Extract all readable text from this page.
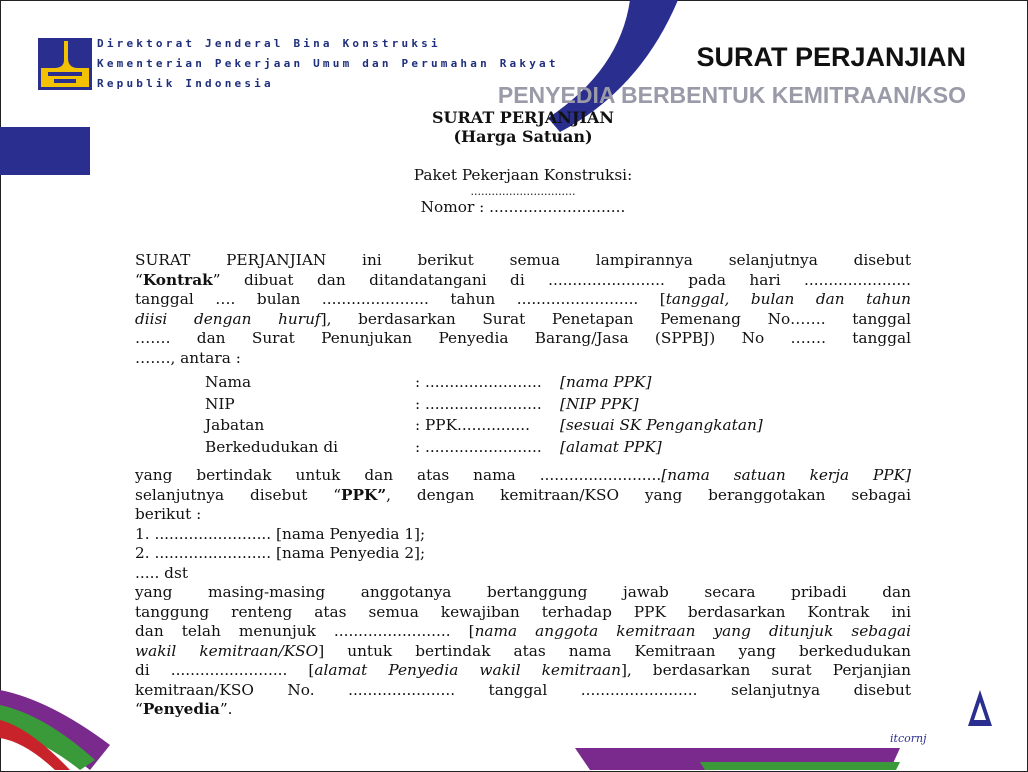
Direktorat Jenderal Bina Konstruksi
Kementerian Pekerjaan Umum dan Perumahan Rakyat
Republik Indonesia
SURAT PERJANJIAN
PENYEDIA BERBENTUK KEMITRAAN/KSO
SURAT PERJANJIAN
(Harga Satuan)
Paket Pekerjaan Konstruksi:
..............................
Nomor : ............................
SURAT PERJANJIAN ini berikut semua lampirannya selanjutnya disebut
“Kontrak” dibuat dan ditandatangani di ........................ pada hari ......................
tanggal …. bulan ...................... tahun ......................... [tanggal, bulan dan tahun
diisi dengan huruf], berdasarkan Surat Penetapan Pemenang No……. tanggal
……. dan Surat Penunjukan Penyedia Barang/Jasa (SPPBJ) No ……. tanggal
……., antara :
Nama	: ........................	[nama PPK]
NIP	: ........................	[NIP PPK]
Jabatan	: PPK...............	[sesuai SK Pengangkatan]
Berkedudukan di	: ........................	[alamat PPK]
yang bertindak untuk dan atas nama .........................[nama satuan kerja PPK]
selanjutnya disebut “PPK”, dengan kemitraan/KSO yang beranggotakan sebagai
berikut :
1. ........................ [nama Penyedia 1];
2. ........................ [nama Penyedia 2];
..... dst
yang masing-masing anggotanya bertanggung jawab secara pribadi dan
tanggung renteng atas semua kewajiban terhadap PPK berdasarkan Kontrak ini
dan telah menunjuk ........................ [nama anggota kemitraan yang ditunjuk sebagai
wakil kemitraan/KSO] untuk bertindak atas nama Kemitraan yang berkedudukan
di ........................ [alamat Penyedia wakil kemitraan], berdasarkan surat Perjanjian
kemitraan/KSO No. ...................... tanggal ........................ selanjutnya disebut
“Penyedia”.
itcornj
